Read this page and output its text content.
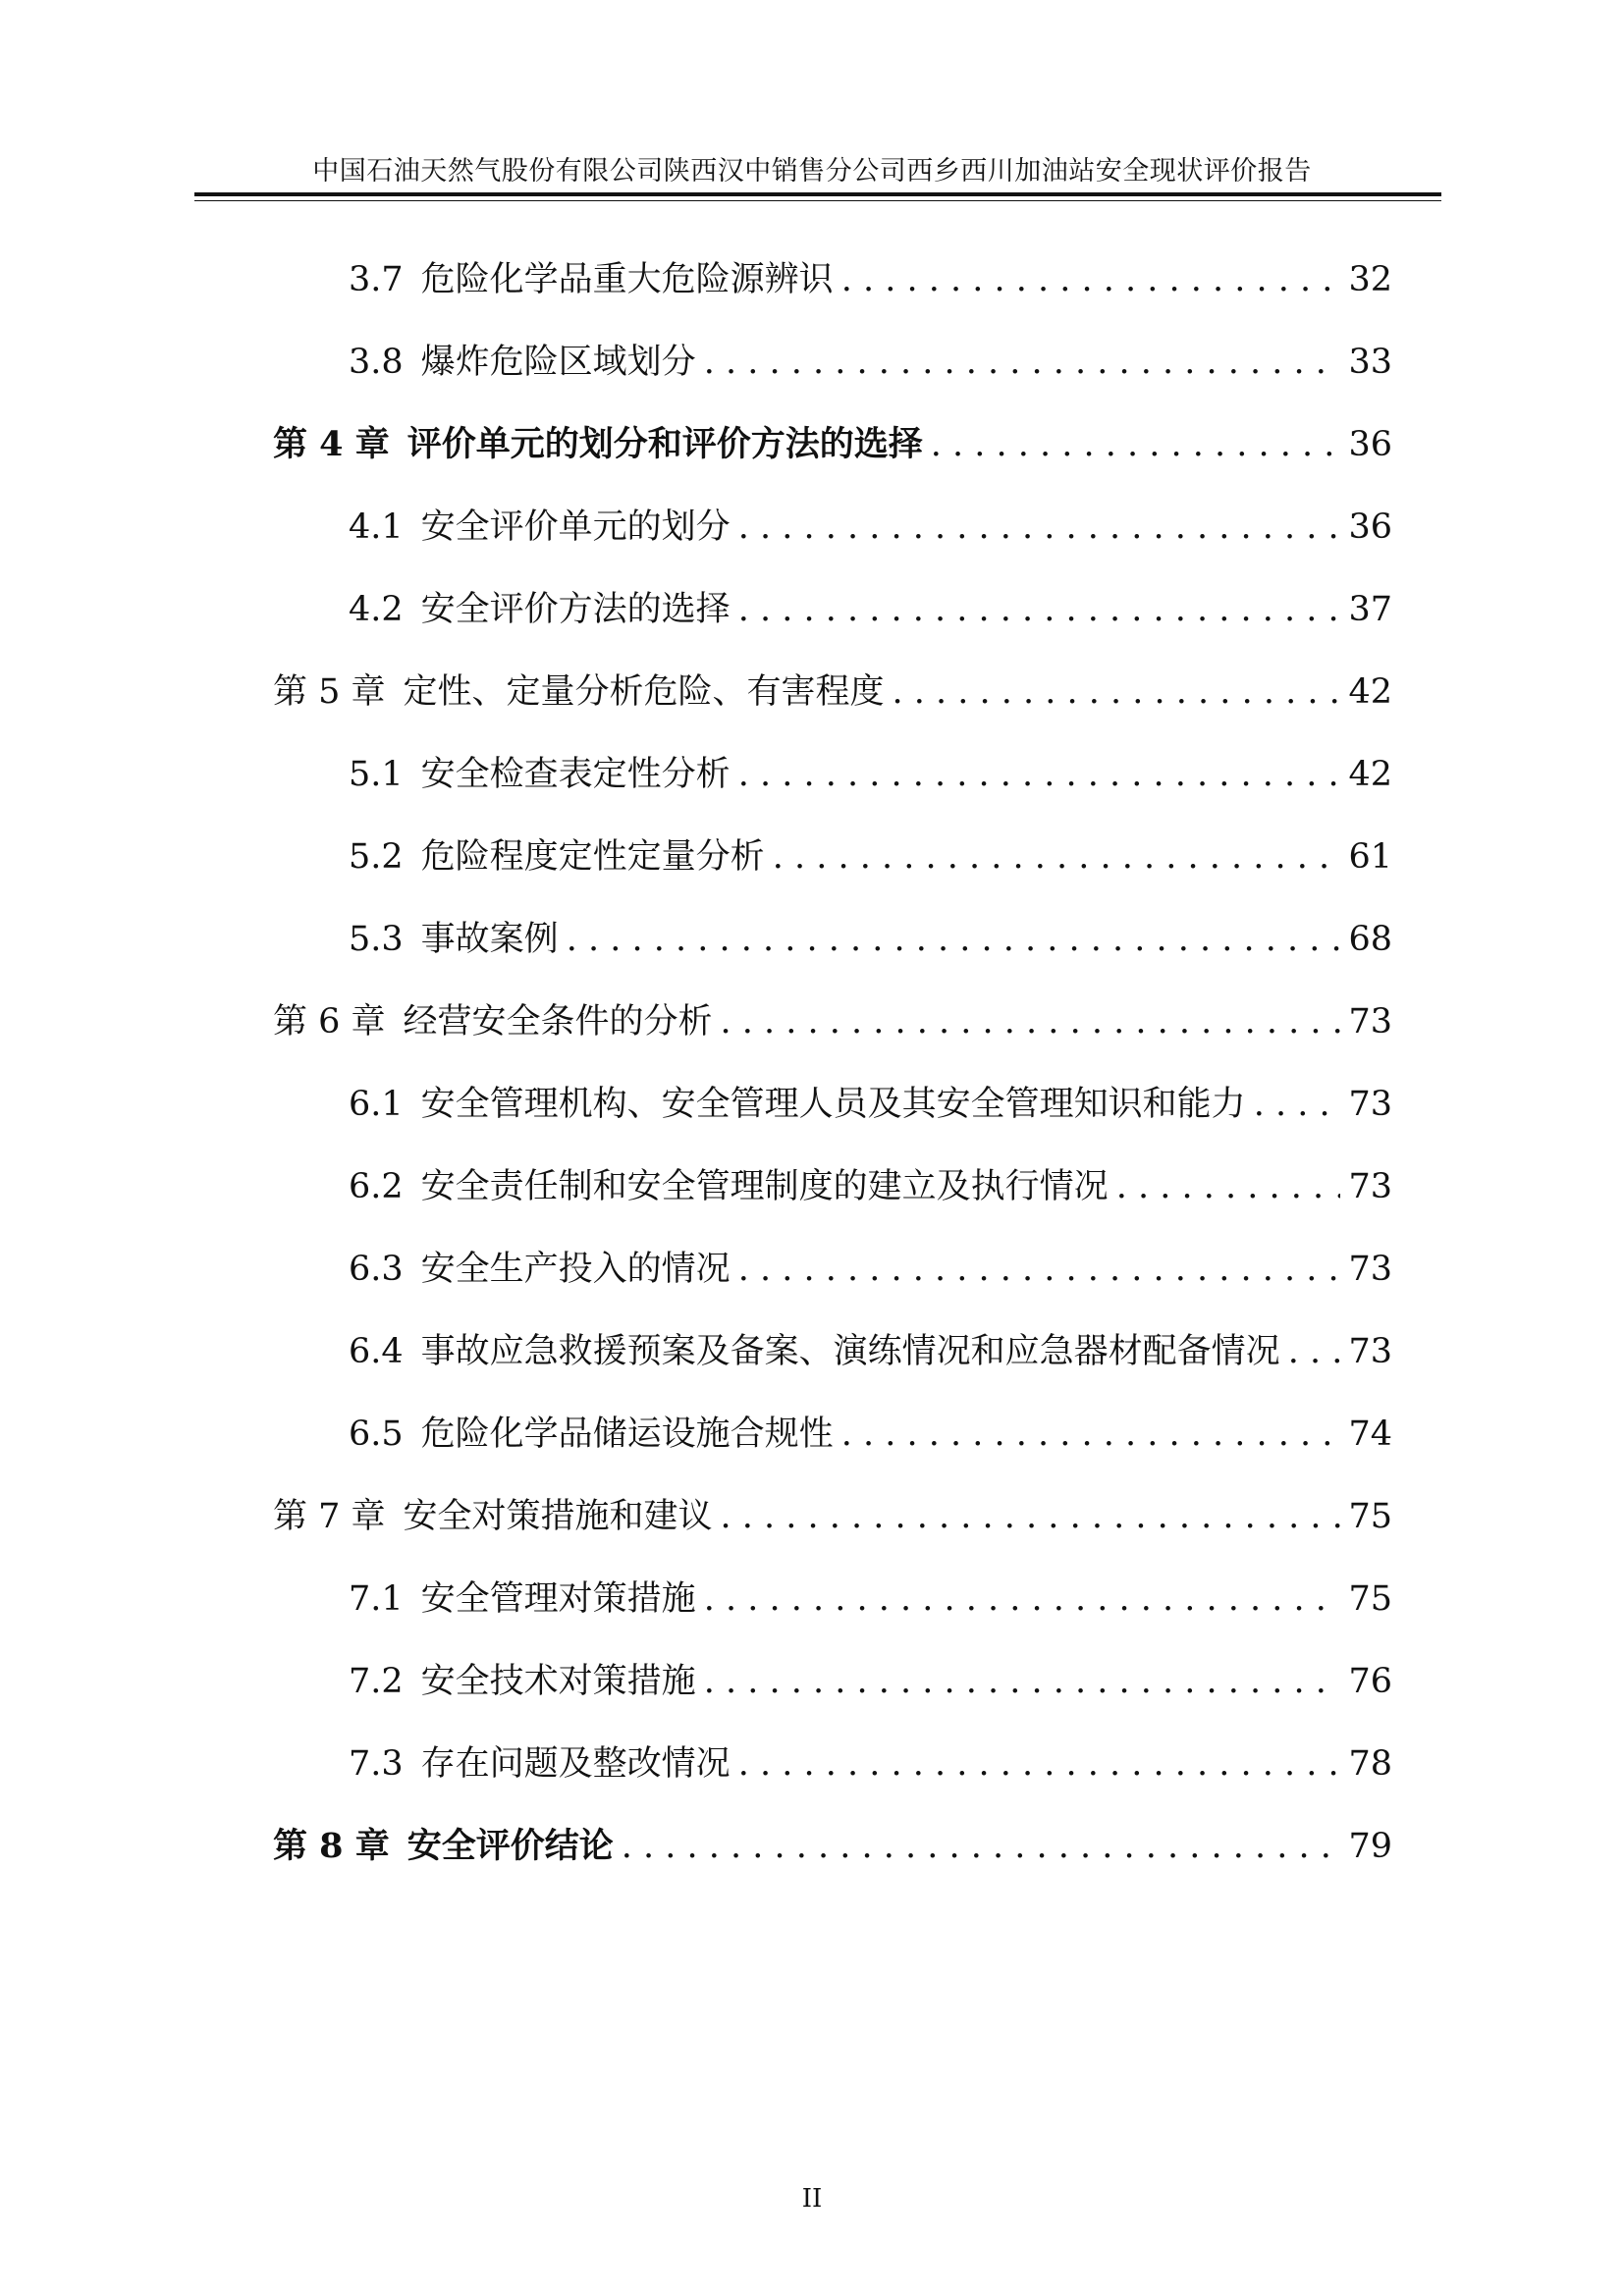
中国石油天然气股份有限公司陕西汉中销售分公司西乡西川加油站安全现状评价报告
3.7 危险化学品重大危险源辨识 . . .	32
3.8 爆炸危险区域划分 . . .	33
第 4 章 评价单元的划分和评价方法的选择 . . .	36
4.1 安全评价单元的划分 . . .	36
4.2 安全评价方法的选择 . . .	37
第 5 章 定性、定量分析危险、有害程度 . . .	42
5.1 安全检查表定性分析 . . .	42
5.2 危险程度定性定量分析 . . .	61
5.3 事故案例 . . .	68
第 6 章 经营安全条件的分析 . . .	73
6.1 安全管理机构、安全管理人员及其安全管理知识和能力 . . .	73
6.2 安全责任制和安全管理制度的建立及执行情况 . . .	73
6.3 安全生产投入的情况 . . .	73
6.4 事故应急救援预案及备案、演练情况和应急器材配备情况 . . . 73
6.5 危险化学品储运设施合规性 . . .	74
第 7 章 安全对策措施和建议 . . .	75
7.1 安全管理对策措施 . . .	75
7.2 安全技术对策措施 . . .	76
7.3 存在问题及整改情况 . . .	78
第 8 章 安全评价结论 . . .	79
II
